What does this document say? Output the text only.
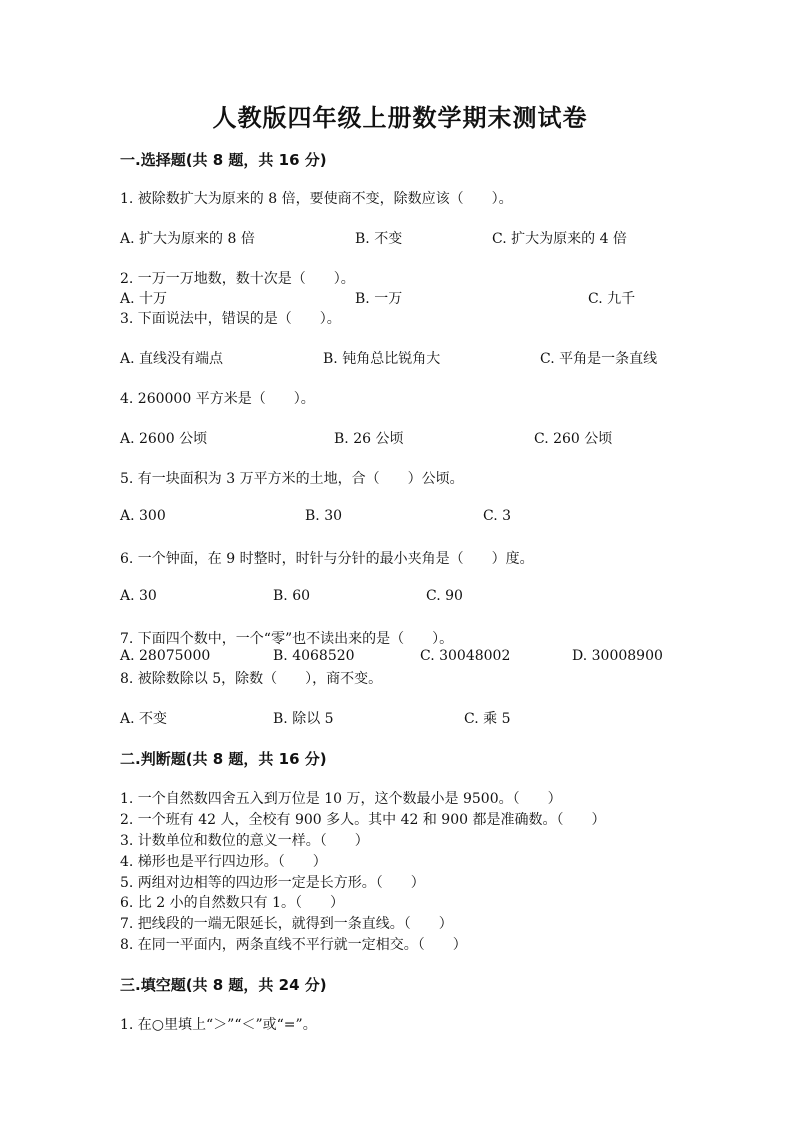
人教版四年级上册数学期末测试卷
一.选择题(共 8 题，共 16 分)
1. 被除数扩大为原来的 8 倍，要使商不变，除数应该（　　）。
A. 扩大为原来的 8 倍	B. 不变	C. 扩大为原来的 4 倍
2. 一万一万地数，数十次是（　　）。
A. 十万	B. 一万	C. 九千
3. 下面说法中，错误的是（　　）。
A. 直线没有端点	B. 钝角总比锐角大	C. 平角是一条直线
4. 260000 平方米是（　　）。
A. 2600 公顷	B. 26 公顷	C. 260 公顷
5. 有一块面积为 3 万平方米的土地，合（　　）公顷。
A. 300	B. 30	C. 3
6. 一个钟面，在 9 时整时，时针与分针的最小夹角是（　　）度。
A. 30	B. 60	C. 90
7. 下面四个数中，一个“零”也不读出来的是（　　）。
A. 28075000	B. 4068520	C. 30048002	D. 30008900
8. 被除数除以 5，除数（　　），商不变。
A. 不变	B. 除以 5	C. 乘 5
二.判断题(共 8 题，共 16 分)
1. 一个自然数四舍五入到万位是 10 万，这个数最小是 9500。（　　）
2. 一个班有 42 人，全校有 900 多人。其中 42 和 900 都是准确数。（　　）
3. 计数单位和数位的意义一样。（　　）
4. 梯形也是平行四边形。（　　）
5. 两组对边相等的四边形一定是长方形。（　　）
6. 比 2 小的自然数只有 1。（　　）
7. 把线段的一端无限延长，就得到一条直线。（　　）
8. 在同一平面内，两条直线不平行就一定相交。（　　）
三.填空题(共 8 题，共 24 分)
1. 在○里填上“＞”“＜”或“=”。
